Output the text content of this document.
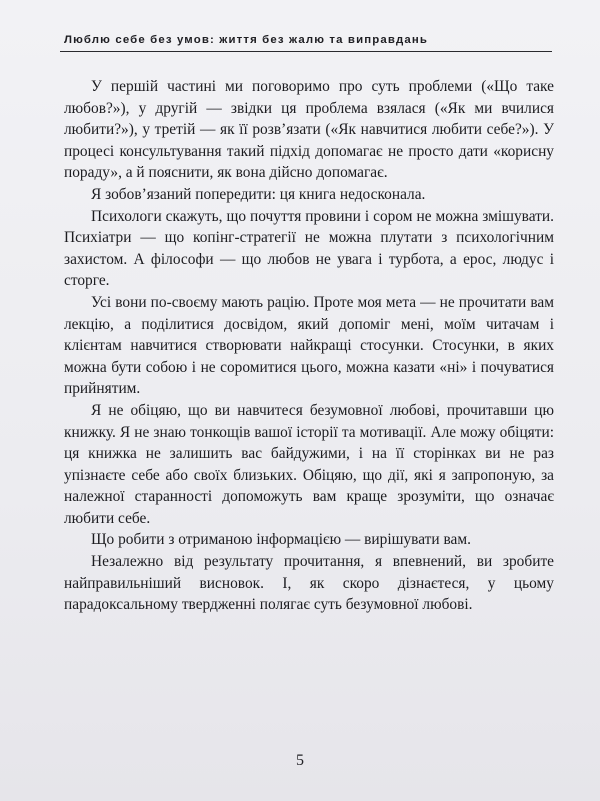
Люблю себе без умов: життя без жалю та виправдань

У першій частині ми поговоримо про суть проблеми («Що таке любов?»), у другій — звідки ця проблема взялася («Як ми вчилися любити?»), у третій — як її розв’язати («Як навчитися любити себе?»). У процесі консультування такий підхід допомагає не просто дати «корисну пораду», а й пояснити, як вона дійсно допомагає.

Я зобов’язаний попередити: ця книга недосконала.

Психологи скажуть, що почуття провини і сором не можна змішувати. Психіатри — що копінг-стратегії не можна плутати з психологічним захистом. А філософи — що любов не увага і турбота, а ерос, людус і сторге.

Усі вони по-своєму мають рацію. Проте моя мета — не прочитати вам лекцію, а поділитися досвідом, який допоміг мені, моїм читачам і клієнтам навчитися створювати найкращі стосунки. Стосунки, в яких можна бути собою і не соромитися цього, можна казати «ні» і почуватися прийнятим.

Я не обіцяю, що ви навчитеся безумовної любові, прочитавши цю книжку. Я не знаю тонкощів вашої історії та мотивації. Але можу обіцяти: ця книжка не залишить вас байдужими, і на її сторінках ви не раз упізнаєте себе або своїх близьких. Обіцяю, що дії, які я запропоную, за належної старанності допоможуть вам краще зрозуміти, що означає любити себе.

Що робити з отриманою інформацією — вирішувати вам.

Незалежно від результату прочитання, я впевнений, ви зробите найправильніший висновок. І, як скоро дізнаєтеся, у цьому парадоксальному твердженні полягає суть безумовної любові.

5
